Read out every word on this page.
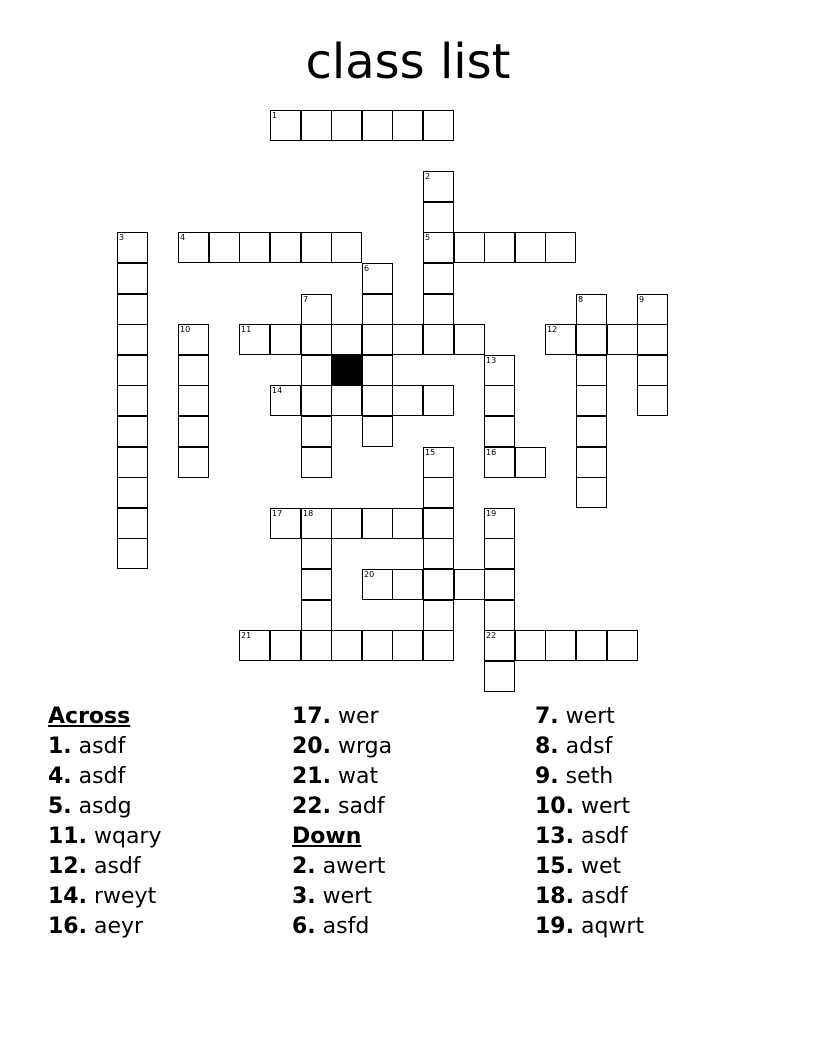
class list
1
2
3	4	5
6
7	8	9
10	11	12
13
14
15	16
17	18	19
20
21	22
Across
1. asdf
4. asdf
5. asdg
11. wqary
12. asdf
14. rweyt
16. aeyr
17. wer
20. wrga
21. wat
22. sadf
Down
2. awert
3. wert
6. asfd
7. wert
8. adsf
9. seth
10. wert
13. asdf
15. wet
18. asdf
19. aqwrt
